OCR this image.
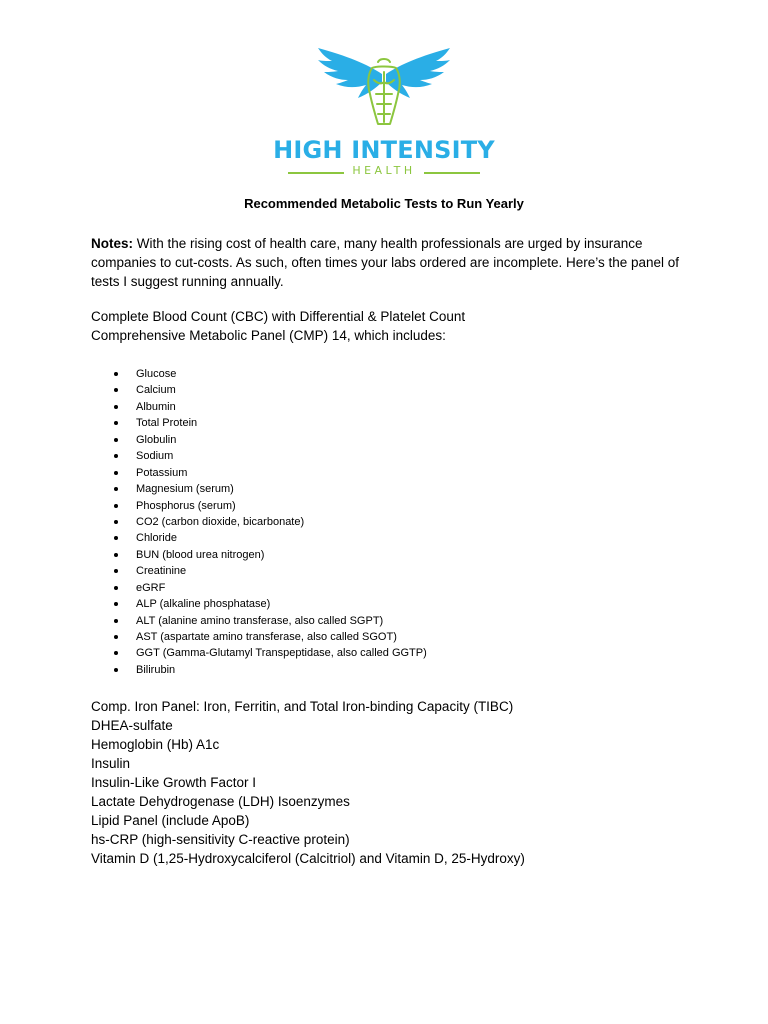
HIGH INTENSITY
HEALTH
Recommended Metabolic Tests to Run Yearly

Notes: With the rising cost of health care, many health professionals are urged by insurance companies to cut-costs. As such, often times your labs ordered are incomplete. Here’s the panel of tests I suggest running annually.

Complete Blood Count (CBC) with Differential & Platelet Count
Comprehensive Metabolic Panel (CMP) 14, which includes:
Glucose
Calcium
Albumin
Total Protein
Globulin
Sodium
Potassium
Magnesium (serum)
Phosphorus (serum)
CO2 (carbon dioxide, bicarbonate)
Chloride
BUN (blood urea nitrogen)
Creatinine
eGRF
ALP (alkaline phosphatase)
ALT (alanine amino transferase, also called SGPT)
AST (aspartate amino transferase, also called SGOT)
GGT (Gamma-Glutamyl Transpeptidase, also called GGTP)
Bilirubin
Comp. Iron Panel: Iron, Ferritin, and Total Iron-binding Capacity (TIBC)
DHEA-sulfate
Hemoglobin (Hb) A1c
Insulin
Insulin-Like Growth Factor I
Lactate Dehydrogenase (LDH) Isoenzymes
Lipid Panel (include ApoB)
hs-CRP (high-sensitivity C-reactive protein)
Vitamin D (1,25-Hydroxycalciferol (Calcitriol) and Vitamin D, 25-Hydroxy)
